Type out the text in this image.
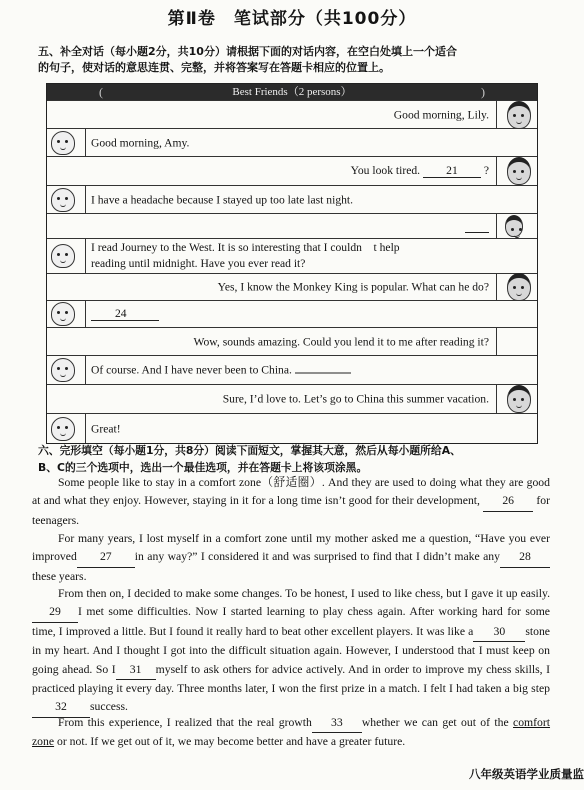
第Ⅱ卷　笔试部分（共100分）
五、补全对话（每小题2分，共10分）请根据下面的对话内容，在空白处填上一个适合
的句子，使对话的意思连贯、完整，并将答案写在答题卡相应的位置上。
(	Best Friends（2 persons）	)
Good morning, Lily.
Good morning, Amy.
You look tired. 21 ?
I have a headache because I stayed up too late last night.
I read Journey to the West. It is so interesting that I couldn　t help
reading until midnight. Have you ever read it?
Yes, I know the Monkey King is popular. What can he do?
24
Wow, sounds amazing. Could you lend it to me after reading it?
Of course. And I have never been to China.
Sure, I’d love to. Let’s go to China this summer vacation.
Great!
六、完形填空（每小题1分，共8分）阅读下面短文，掌握其大意，然后从每小题所给A、
B、C的三个选项中，选出一个最佳选项，并在答题卡上将该项涂黑。
Some people like to stay in a comfort zone（舒适圈）. And they are used to doing what they are good at and what they enjoy. However, staying in it for a long time isn’t good for their development, 26 for teenagers.
For many years, I lost myself in a comfort zone until my mother asked me a question, “Have you ever improved 27 in any way?” I considered it and was surprised to find that I didn’t make any 28these years.
From then on, I decided to make some changes. To be honest, I used to like chess, but I gave it up easily.29 I met some difficulties. Now I started learning to play chess again. After working hard for some time, I improved a little. But I found it really hard to beat other excellent players. It was like a 30 stone in my heart. And I thought I got into the difficult situation again. However, I understood that I must keep on going ahead. So I 31 myself to ask others for advice actively. And in order to improve my chess skills, I practiced playing it every day. Three months later, I won the first prize in a match. I felt I had taken a big step32 success.
From this experience, I realized that the real growth 33 whether we can get out of the comfort zone or not. If we get out of it, we may become better and have a greater future.
八年级英语学业质量监
